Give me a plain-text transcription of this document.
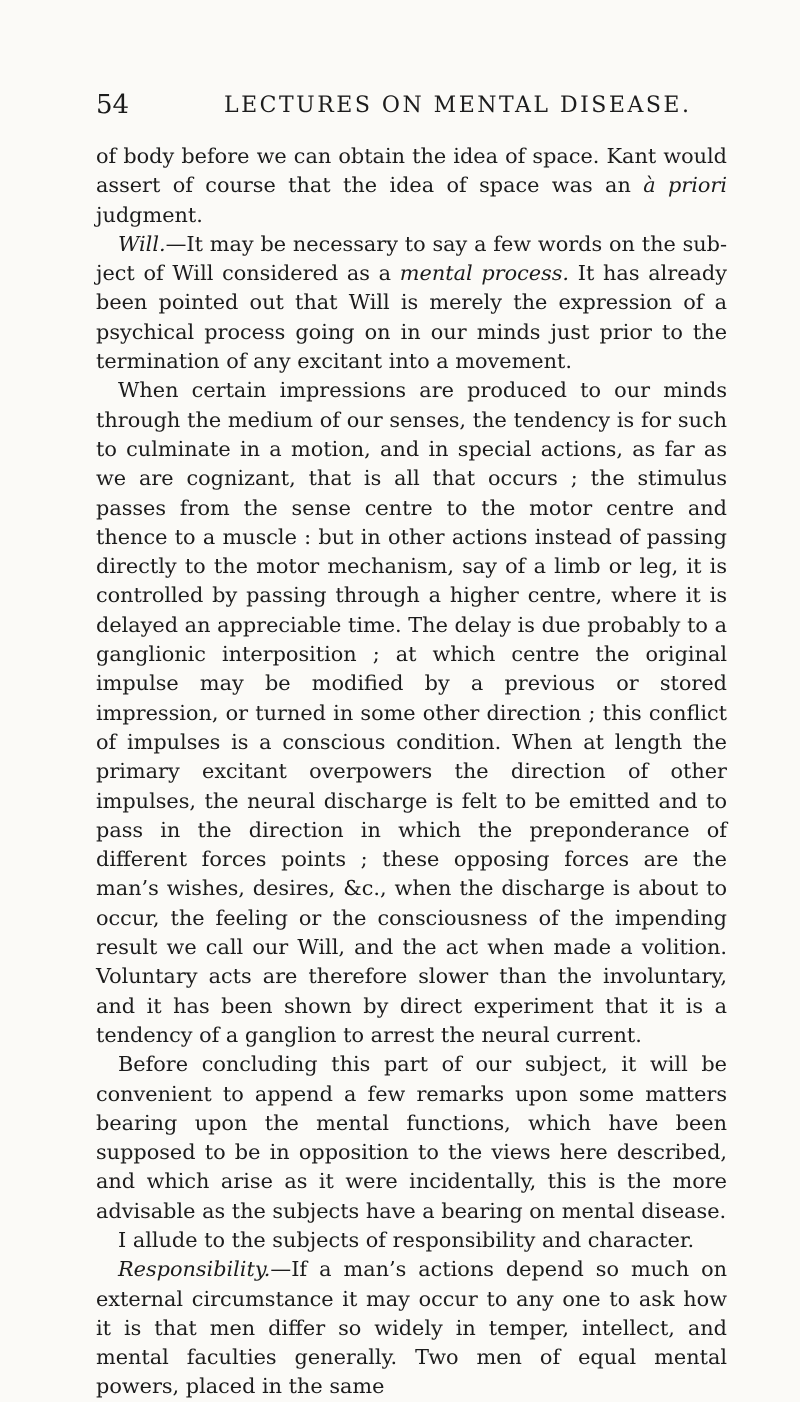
54	LECTURES ON MENTAL DISEASE.

of body before we can obtain the idea of space. Kant would assert of course that the idea of space was an à priori judgment.

Will.—It may be necessary to say a few words on the subject of Will considered as a mental process. It has already been pointed out that Will is merely the expression of a psychical process going on in our minds just prior to the termination of any excitant into a movement.

When certain impressions are produced to our minds through the medium of our senses, the tendency is for such to culminate in a motion, and in special actions, as far as we are cognizant, that is all that occurs ; the stimulus passes from the sense centre to the motor centre and thence to a muscle : but in other actions instead of passing directly to the motor mechanism, say of a limb or leg, it is controlled by passing through a higher centre, where it is delayed an appreciable time. The delay is due probably to a ganglionic interposition ; at which centre the original impulse may be modified by a previous or stored impression, or turned in some other direction ; this conflict of impulses is a conscious condition. When at length the primary excitant overpowers the direction of other impulses, the neural discharge is felt to be emitted and to pass in the direction in which the preponderance of different forces points ; these opposing forces are the man’s wishes, desires, &c., when the discharge is about to occur, the feeling or the consciousness of the impending result we call our Will, and the act when made a volition. Voluntary acts are therefore slower than the involuntary, and it has been shown by direct experiment that it is a tendency of a ganglion to arrest the neural current.

Before concluding this part of our subject, it will be convenient to append a few remarks upon some matters bearing upon the mental functions, which have been supposed to be in opposition to the views here described, and which arise as it were incidentally, this is the more advisable as the subjects have a bearing on mental disease.

I allude to the subjects of responsibility and character.

Responsibility.—If a man’s actions depend so much on external circumstance it may occur to any one to ask how it is that men differ so widely in temper, intellect, and mental faculties generally. Two men of equal mental powers, placed in the same
